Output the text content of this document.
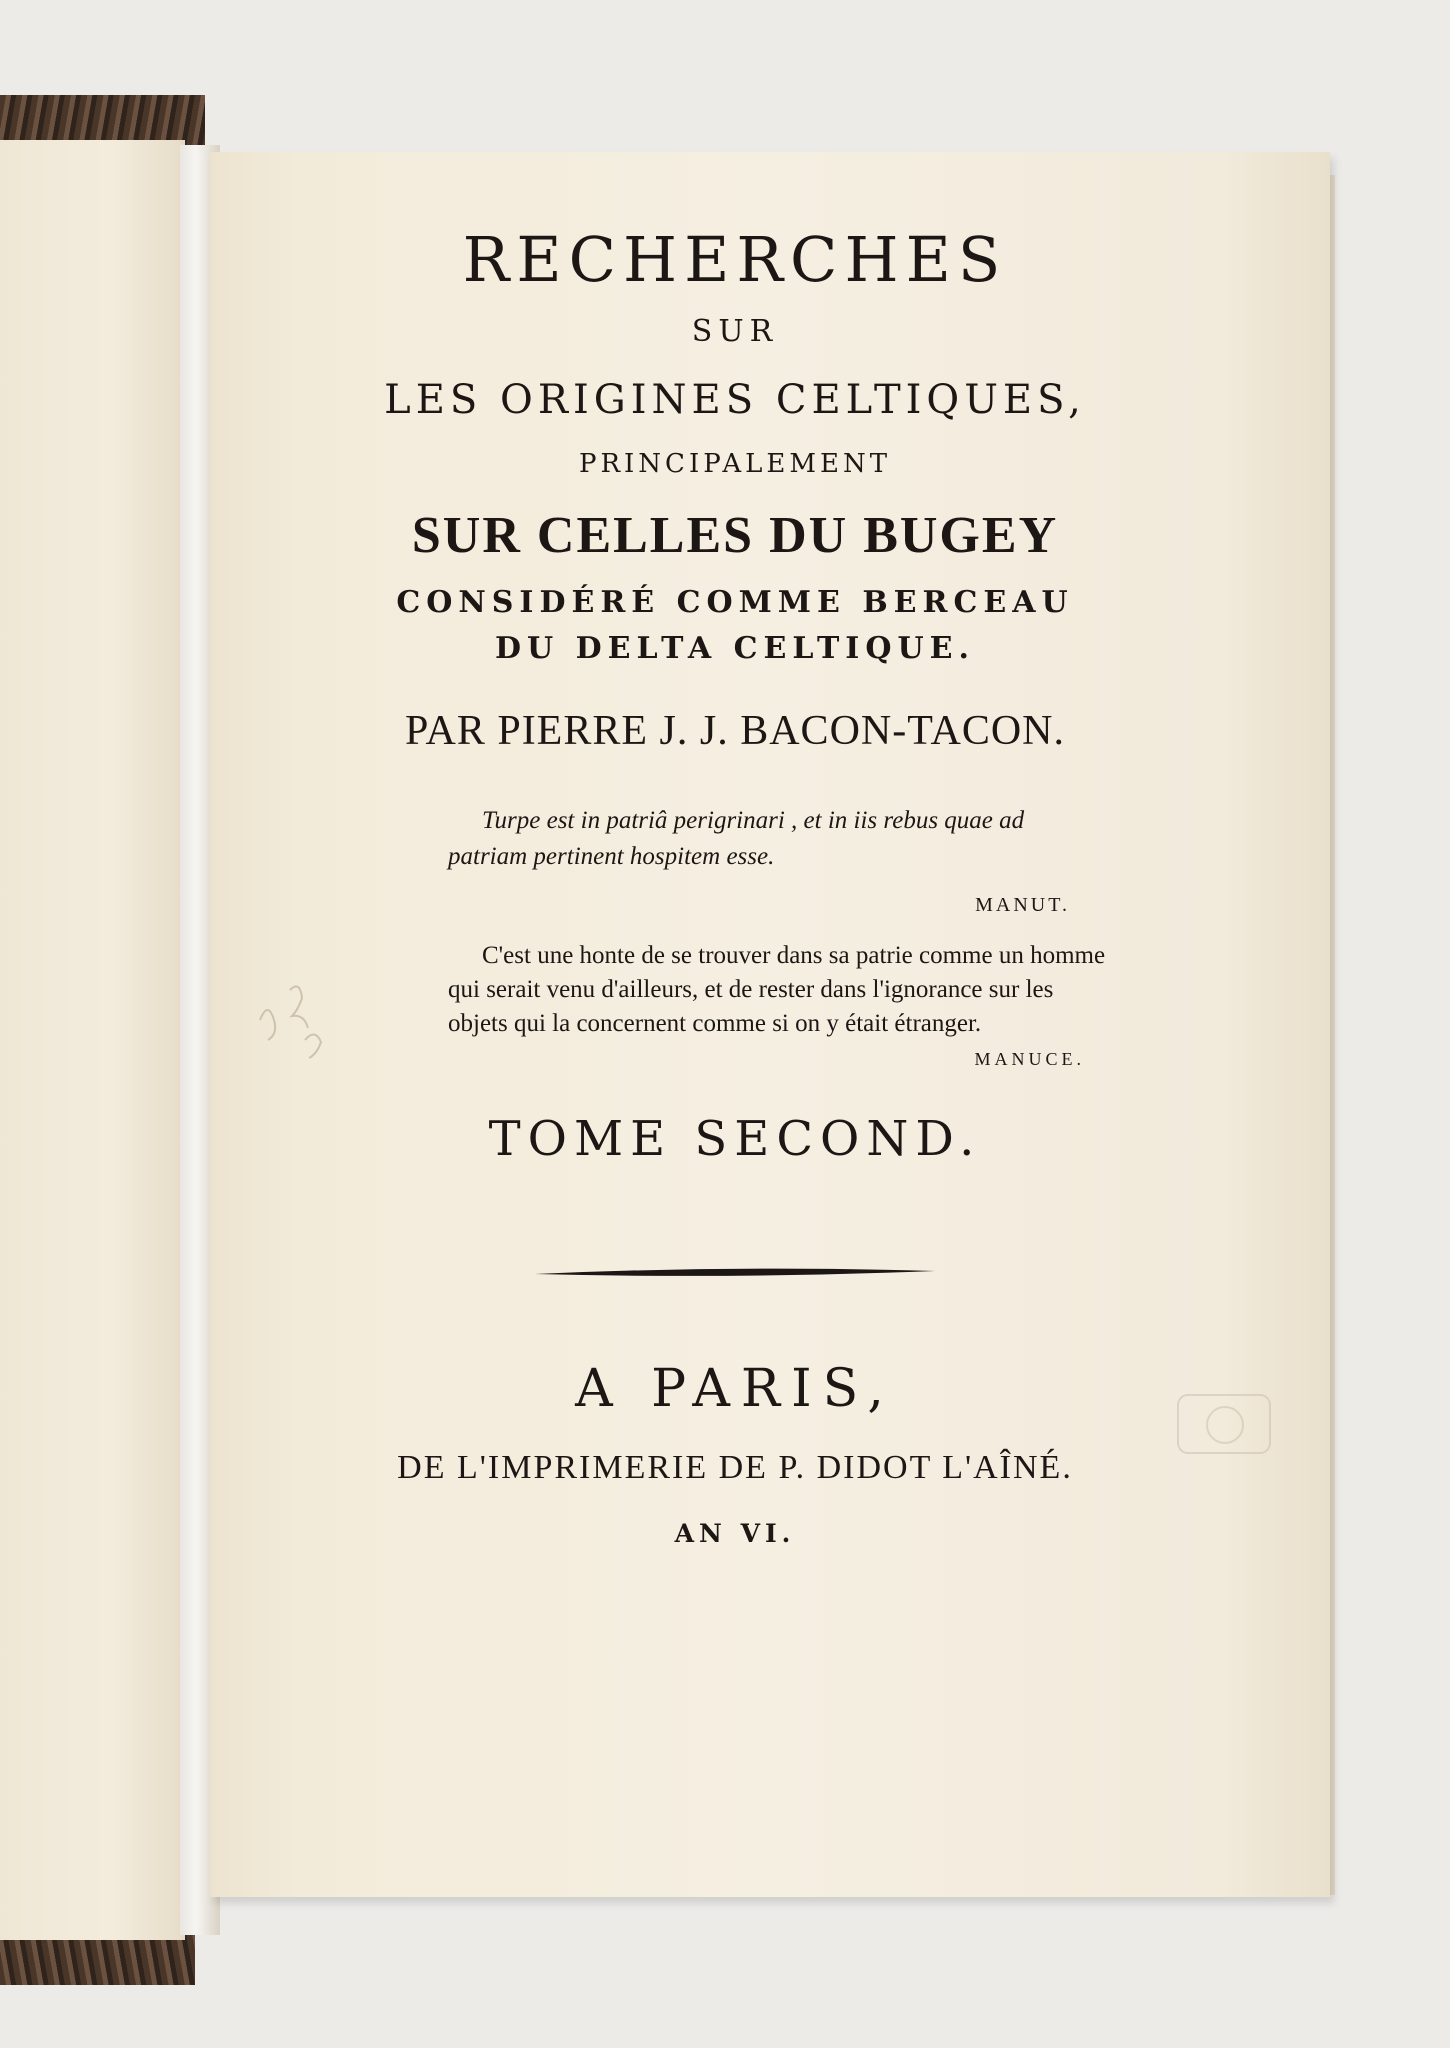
RECHERCHES
SUR
LES ORIGINES CELTIQUES,
PRINCIPALEMENT
SUR CELLES DU BUGEY
CONSIDÉRÉ COMME BERCEAU
DU DELTA CELTIQUE.
PAR PIERRE J. J. BACON-TACON.
Turpe est in patriâ perigrinari , et in iis rebus quae ad patriam pertinent hospitem esse.
MANUT.
C'est une honte de se trouver dans sa patrie comme un homme qui serait venu d'ailleurs, et de rester dans l'ignorance sur les objets qui la concernent comme si on y était étranger.
MANUCE.
TOME SECOND.
A PARIS,
DE L'IMPRIMERIE DE P. DIDOT L'AÎNÉ.
AN VI.
